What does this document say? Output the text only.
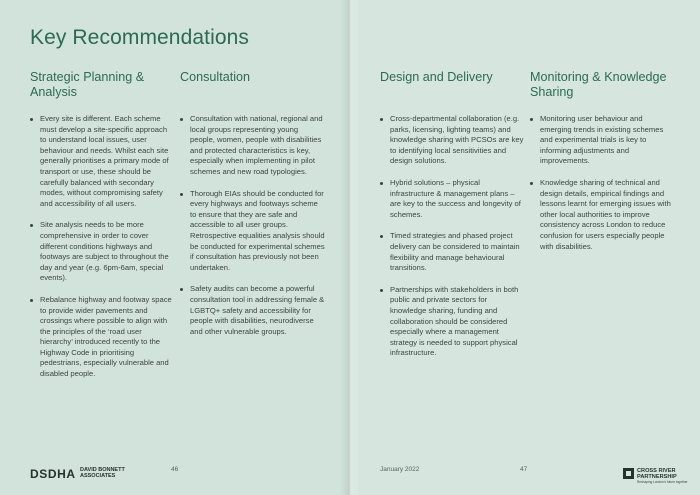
Key Recommendations
Strategic Planning & Analysis
Every site is different. Each scheme must develop a site-specific approach to understand local issues, user behaviour and needs. Whilst each site generally prioritises a primary mode of transport or use, these should be carefully balanced with secondary modes, without compromising safety and accessibility of all users.
Site analysis needs to be more comprehensive in order to cover different conditions highways and footways are subject to throughout the day and year (e.g. 6pm-6am, special events).
Rebalance highway and footway space to provide wider pavements and crossings where possible to align with the principles of the ‘road user hierarchy’ introduced recently to the Highway Code in prioritising pedestrians, especially vulnerable and disabled people.
Consultation
Consultation with national, regional and local groups representing young people, women, people with disabilities and protected characteristics is key, especially when implementing in pilot schemes and new road typologies.
Thorough EIAs should be conducted for every highways and footways scheme to ensure that they are safe and accessible to all user groups. Retrospective equalities analysis should be conducted for experimental schemes if consultation has previously not been undertaken.
Safety audits can become a powerful consultation tool in addressing female & LGBTQ+ safety and accessibility for people with disabilities, neurodiverse and other vulnerable groups.
Design and Delivery
Cross-departmental collaboration (e.g. parks, licensing, lighting teams) and knowledge sharing with PCSOs are key to identifying local sensitivities and design solutions.
Hybrid solutions – physical infrastructure & management plans – are key to the success and longevity of schemes.
Timed strategies and phased project delivery can be considered to maintain flexibility and manage behavioural transitions.
Partnerships with stakeholders in both public and private sectors for knowledge sharing, funding and collaboration should be considered especially where a management strategy is needed to support physical infrastructure.
Monitoring & Knowledge Sharing
Monitoring user behaviour and emerging trends in existing schemes and experimental trials is key to informing adjustments and improvements.
Knowledge sharing of technical and design details, empirical findings and lessons learnt for emerging issues with other local authorities to improve consistency across London to reduce confusion for users especially people with disabilities.
DSDHA DAVID BONNETT
ASSOCIATES
46	January 2022	47	CROSS RIVER
PARTNERSHIP
Reshaping London's future together
